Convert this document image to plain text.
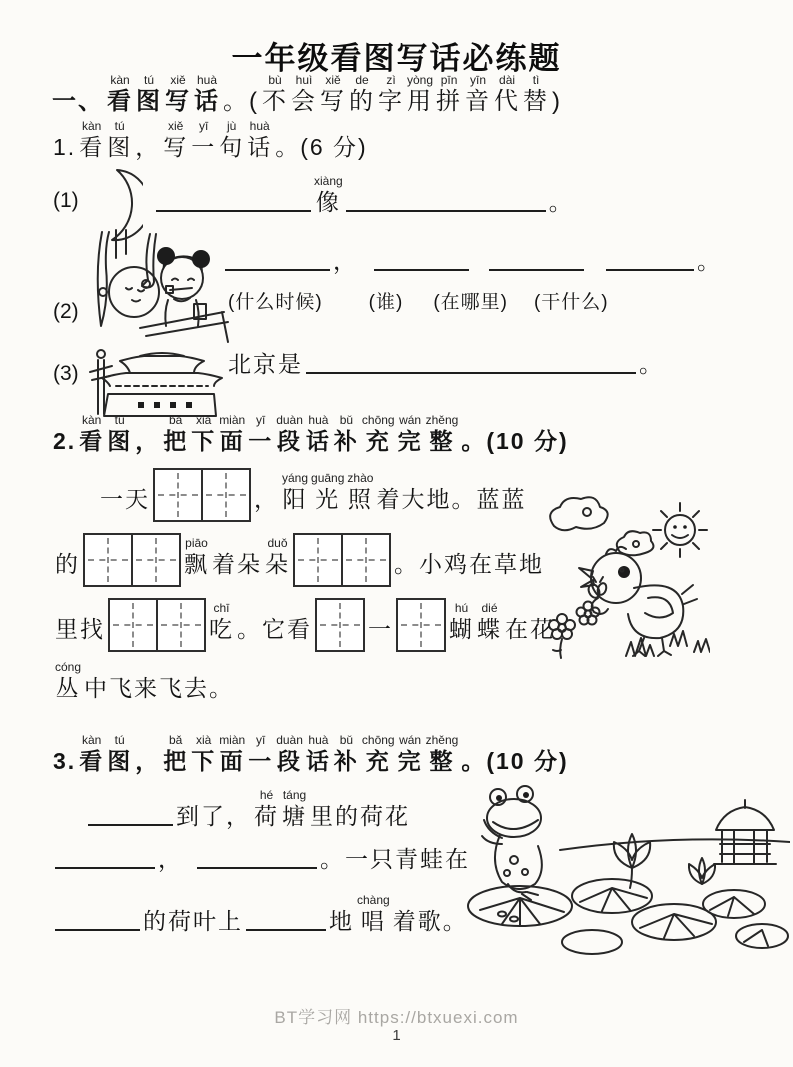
一年级看图写话必练题
一、
kàn
看
tú
图
xiě
写
huà
话 。(
bù
不
huì
会
xiě
写
de
的
zì
字
yòng
用
pīn
拼
yīn
音
dài
代
tì
替 )
1.
kàn
看
tú
图 ，
xiě
写
yī
一
jù
句
huà
话 。(6 分)
(1)
xiàng
像	。
(2)
，	。
(什么时候) (谁) (在哪里) (干什么)
(3)	北京是	。
2.
kàn
看
tú
图 ，
bǎ
把
xià
下
miàn
面
yī
一
duàn
段
huà
话
bǔ
补
chōng
充
wán
完
zhěng
整 。(10 分)
一天	，
yáng
阳
guāng
光
zhào
照 着大地。蓝蓝
的
piāo
飘 着朵
duǒ
朵	。小鸡在草地
里找
chī
吃 。它看 一
hú
蝴
dié
蝶 在花
cóng
丛 中飞来飞去。
3.
kàn
看
tú
图 ，
bǎ
把
xià
下
miàn
面
yī
一
duàn
段
huà
话
bǔ
补
chōng
充
wán
完
zhěng
整 。(10 分)
到了，
hé
荷
táng
塘 里的荷花
，	。一只青蛙在
的荷叶上	地
chàng
唱 着歌。
BT学习网 https://btxuexi.com
1
